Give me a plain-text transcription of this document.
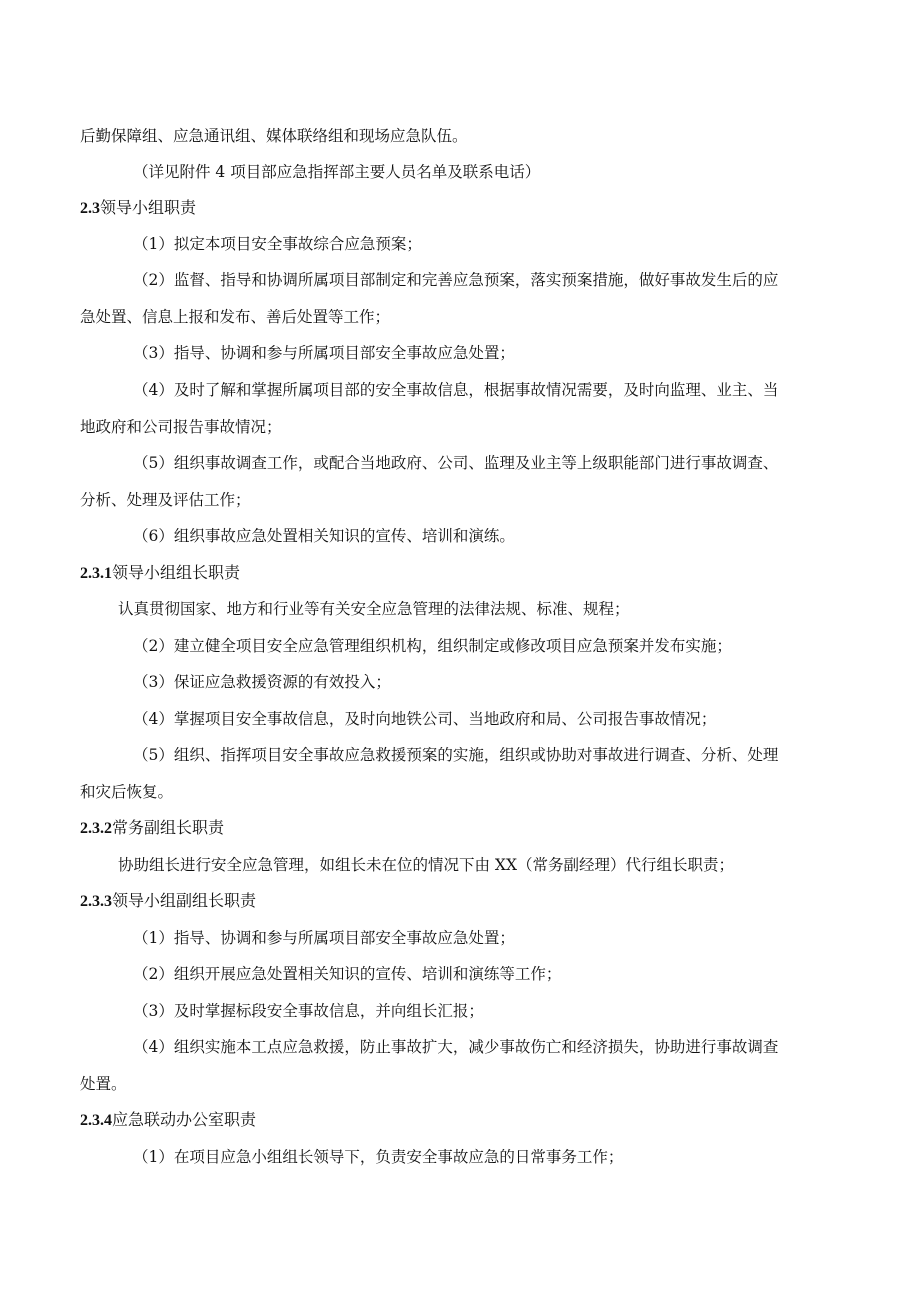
后勤保障组、应急通讯组、媒体联络组和现场应急队伍。

（详见附件 4 项目部应急指挥部主要人员名单及联系电话）

2.3领导小组职责

（1）拟定本项目安全事故综合应急预案；

（2）监督、指导和协调所属项目部制定和完善应急预案，落实预案措施，做好事故发生后的应

急处置、信息上报和发布、善后处置等工作；

（3）指导、协调和参与所属项目部安全事故应急处置；

（4）及时了解和掌握所属项目部的安全事故信息，根据事故情况需要，及时向监理、业主、当

地政府和公司报告事故情况；

（5）组织事故调查工作，或配合当地政府、公司、监理及业主等上级职能部门进行事故调查、

分析、处理及评估工作；

（6）组织事故应急处置相关知识的宣传、培训和演练。

2.3.1领导小组组长职责

认真贯彻国家、地方和行业等有关安全应急管理的法律法规、标准、规程；

（2）建立健全项目安全应急管理组织机构，组织制定或修改项目应急预案并发布实施；

（3）保证应急救援资源的有效投入；

（4）掌握项目安全事故信息，及时向地铁公司、当地政府和局、公司报告事故情况；

（5）组织、指挥项目安全事故应急救援预案的实施，组织或协助对事故进行调查、分析、处理

和灾后恢复。

2.3.2常务副组长职责

协助组长进行安全应急管理，如组长未在位的情况下由 XX（常务副经理）代行组长职责；

2.3.3领导小组副组长职责

（1）指导、协调和参与所属项目部安全事故应急处置；

（2）组织开展应急处置相关知识的宣传、培训和演练等工作；

（3）及时掌握标段安全事故信息，并向组长汇报；

（4）组织实施本工点应急救援，防止事故扩大，减少事故伤亡和经济损失，协助进行事故调查

处置。

2.3.4应急联动办公室职责

（1）在项目应急小组组长领导下，负责安全事故应急的日常事务工作；
